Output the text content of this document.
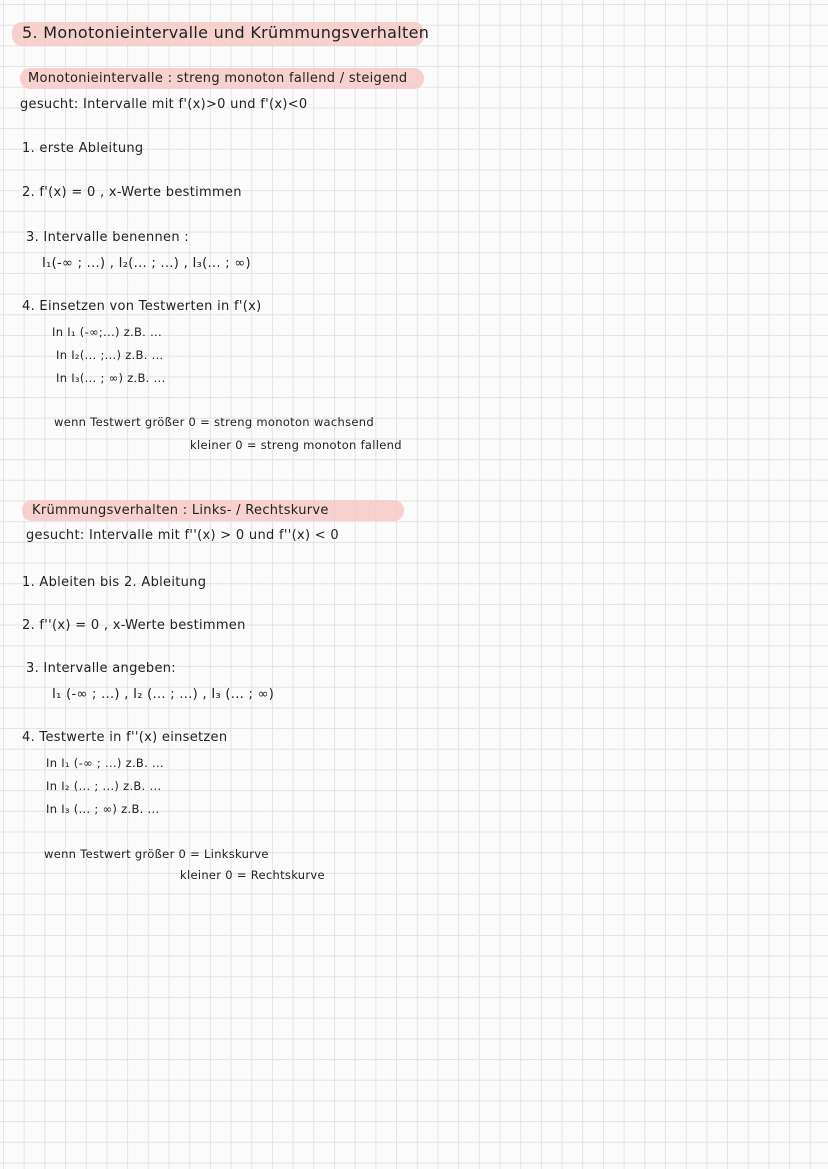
5. Monotonieintervalle und Krümmungsverhalten
Monotonieintervalle : streng monoton fallend / steigend
gesucht: Intervalle mit f'(x)>0 und f'(x)<0
1. erste Ableitung
2. f'(x) = 0 , x-Werte bestimmen
3. Intervalle benennen :
I₁(-∞ ; ...) , I₂(... ; ...) , I₃(... ; ∞)
4. Einsetzen von Testwerten in f'(x)
In I₁ (-∞;...) z.B. ...
In I₂(... ;...) z.B. ...
In I₃(... ; ∞) z.B. ...
wenn Testwert größer 0 = streng monoton wachsend
kleiner 0 = streng monoton fallend
Krümmungsverhalten : Links- / Rechtskurve
gesucht: Intervalle mit f''(x) > 0 und f''(x) < 0
1. Ableiten bis 2. Ableitung
2. f''(x) = 0 , x-Werte bestimmen
3. Intervalle angeben:
I₁ (-∞ ; ...) , I₂ (... ; ...) , I₃ (... ; ∞)
4. Testwerte in f''(x) einsetzen
In I₁ (-∞ ; ...) z.B. ...
In I₂ (... ; ...) z.B. ...
In I₃ (... ; ∞) z.B. ...
wenn Testwert größer 0 = Linkskurve
kleiner 0 = Rechtskurve
